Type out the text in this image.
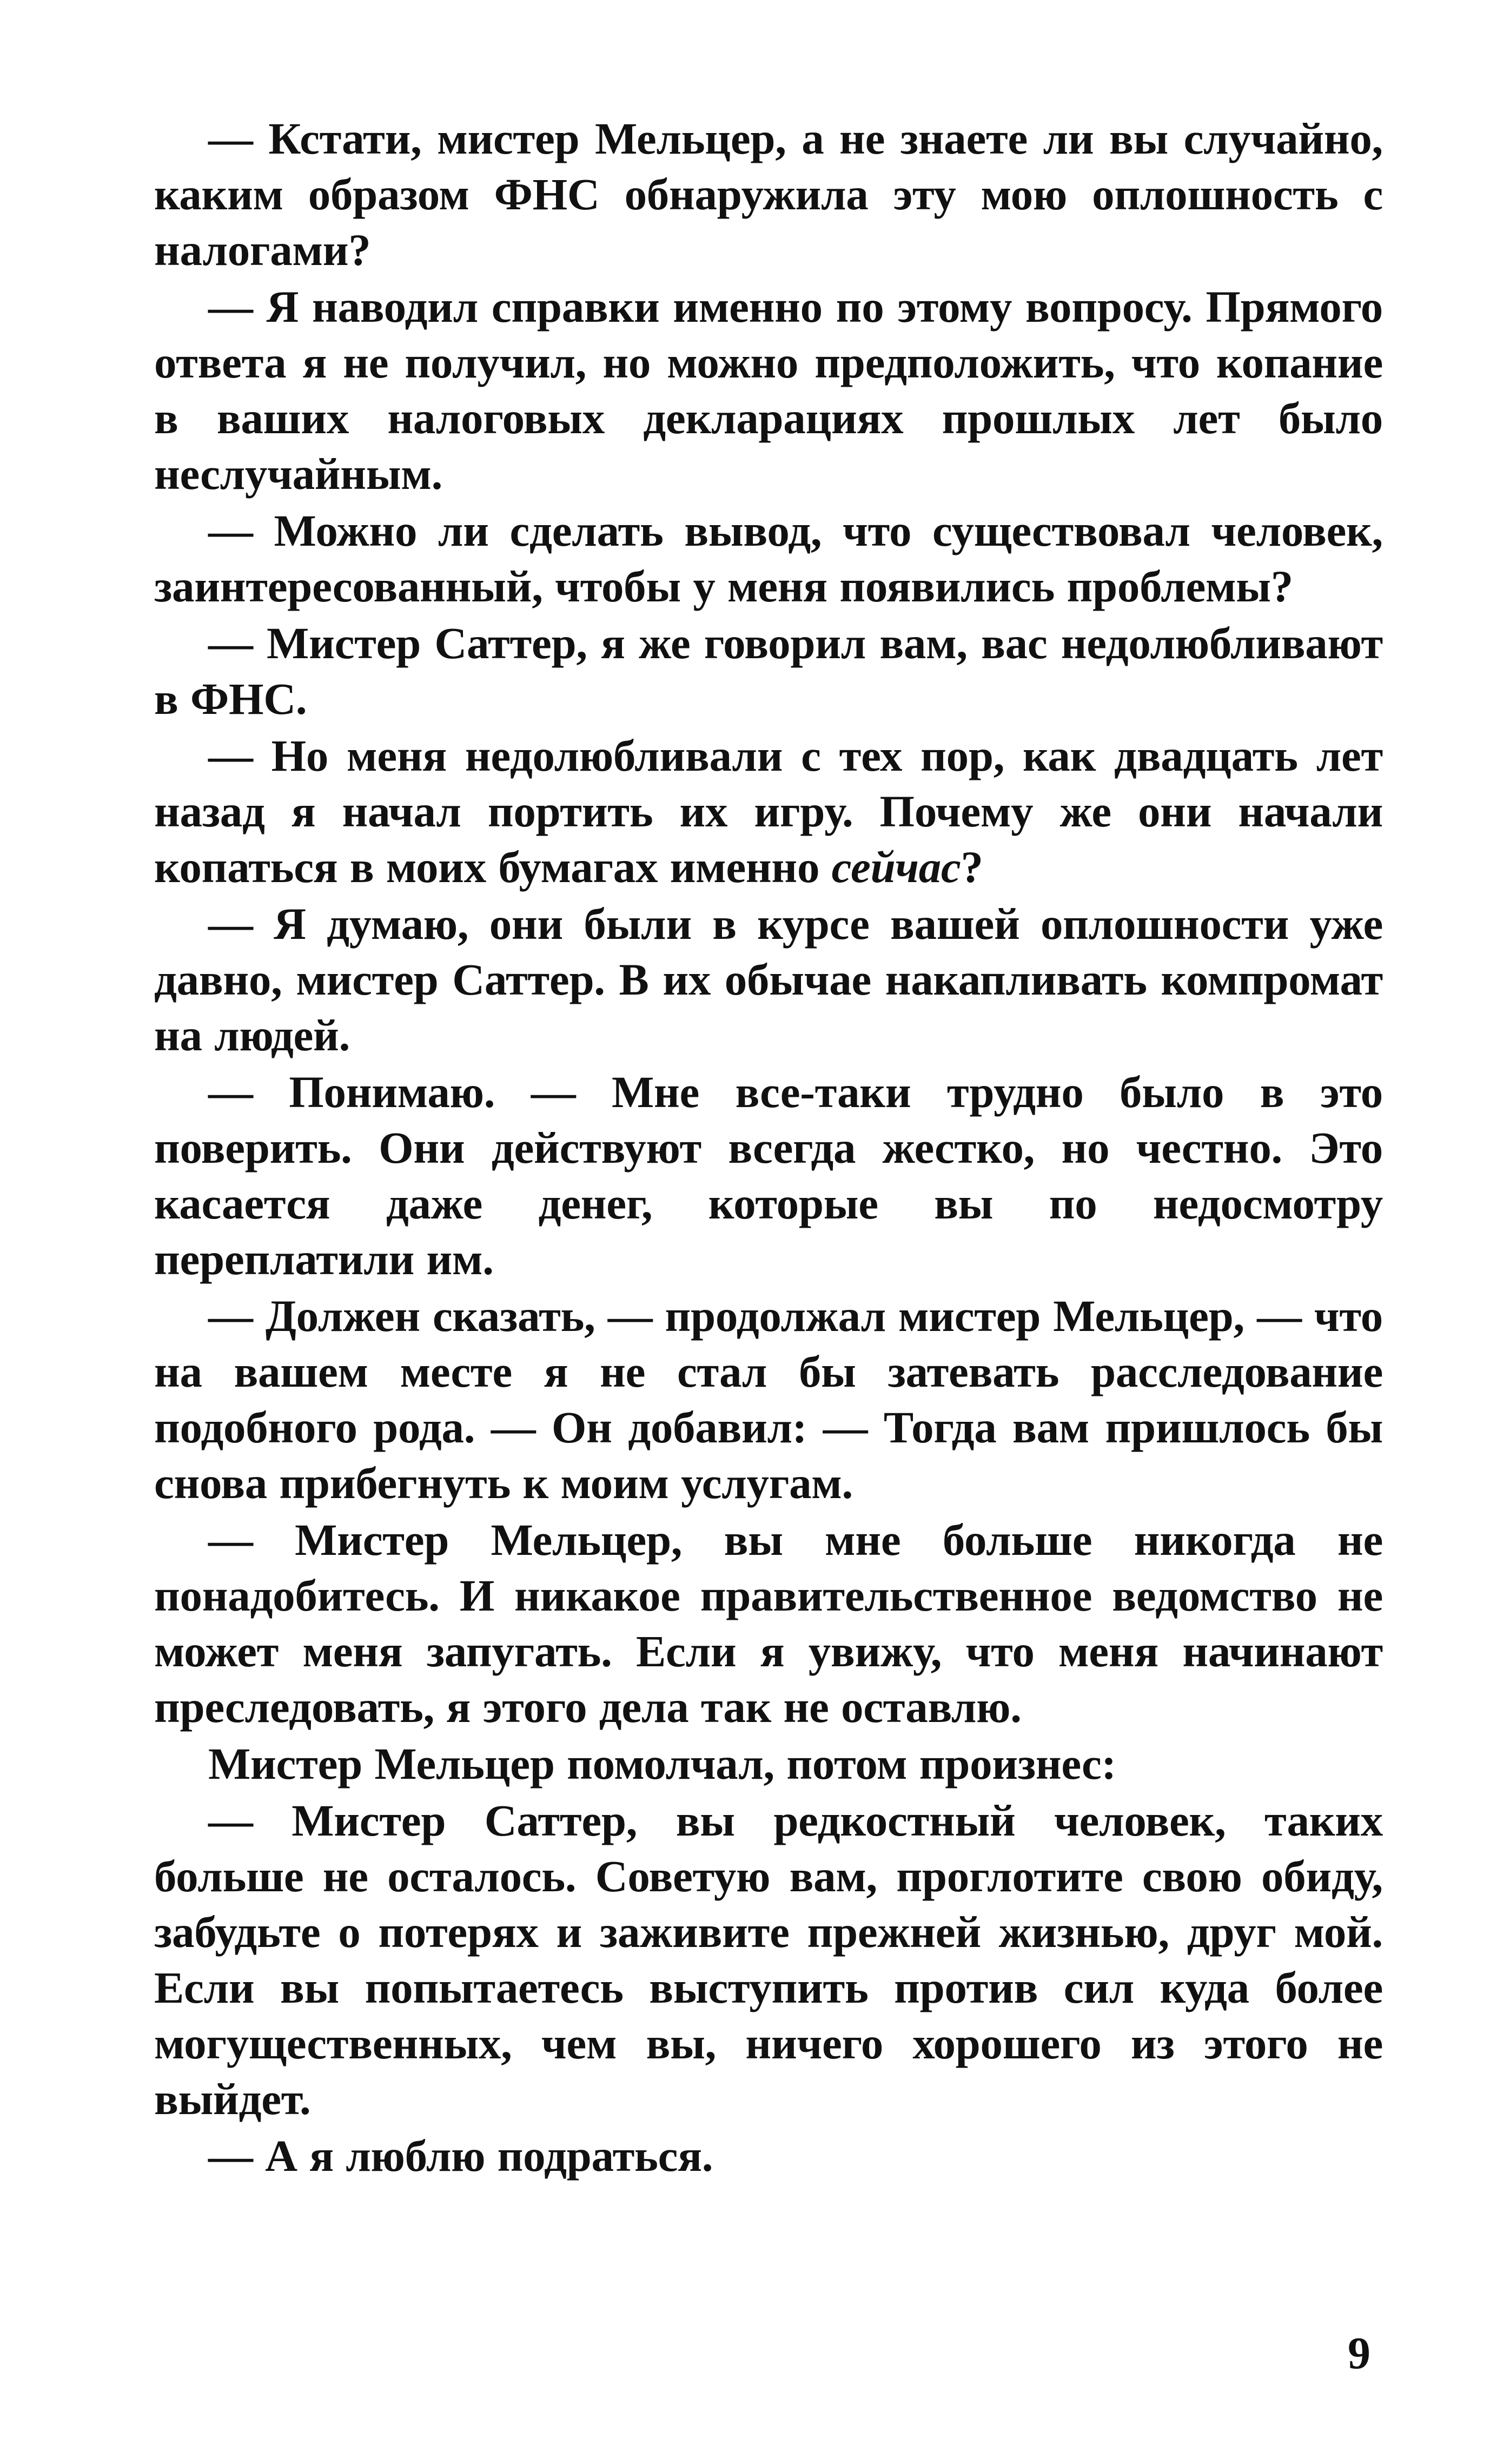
— Кстати, мистер Мельцер, а не знаете ли вы случайно, каким образом ФНС обнаружила эту мою оплошность с налогами?

— Я наводил справки именно по этому вопросу. Прямого ответа я не получил, но можно предположить, что копание в ваших налоговых декларациях прошлых лет было неслучайным.

— Можно ли сделать вывод, что существовал человек, заинтересованный, чтобы у меня появились проблемы?

— Мистер Саттер, я же говорил вам, вас недолюбливают в ФНС.

— Но меня недолюбливали с тех пор, как двадцать лет назад я начал портить их игру. Почему же они начали копаться в моих бумагах именно сейчас?

— Я думаю, они были в курсе вашей оплошности уже давно, мистер Саттер. В их обычае накапливать компромат на людей.

— Понимаю. — Мне все-таки трудно было в это поверить. Они действуют всегда жестко, но честно. Это касается даже денег, которые вы по недосмотру переплатили им.

— Должен сказать, — продолжал мистер Мельцер, — что на вашем месте я не стал бы затевать расследование подобного рода. — Он добавил: — Тогда вам пришлось бы снова прибегнуть к моим услугам.

— Мистер Мельцер, вы мне больше никогда не понадобитесь. И никакое правительственное ведомство не может меня запугать. Если я увижу, что меня начинают преследовать, я этого дела так не оставлю.

Мистер Мельцер помолчал, потом произнес:

— Мистер Саттер, вы редкостный человек, таких больше не осталось. Советую вам, проглотите свою обиду, забудьте о потерях и заживите прежней жизнью, друг мой. Если вы попытаетесь выступить против сил куда более могущественных, чем вы, ничего хорошего из этого не выйдет.

— А я люблю подраться.

9
